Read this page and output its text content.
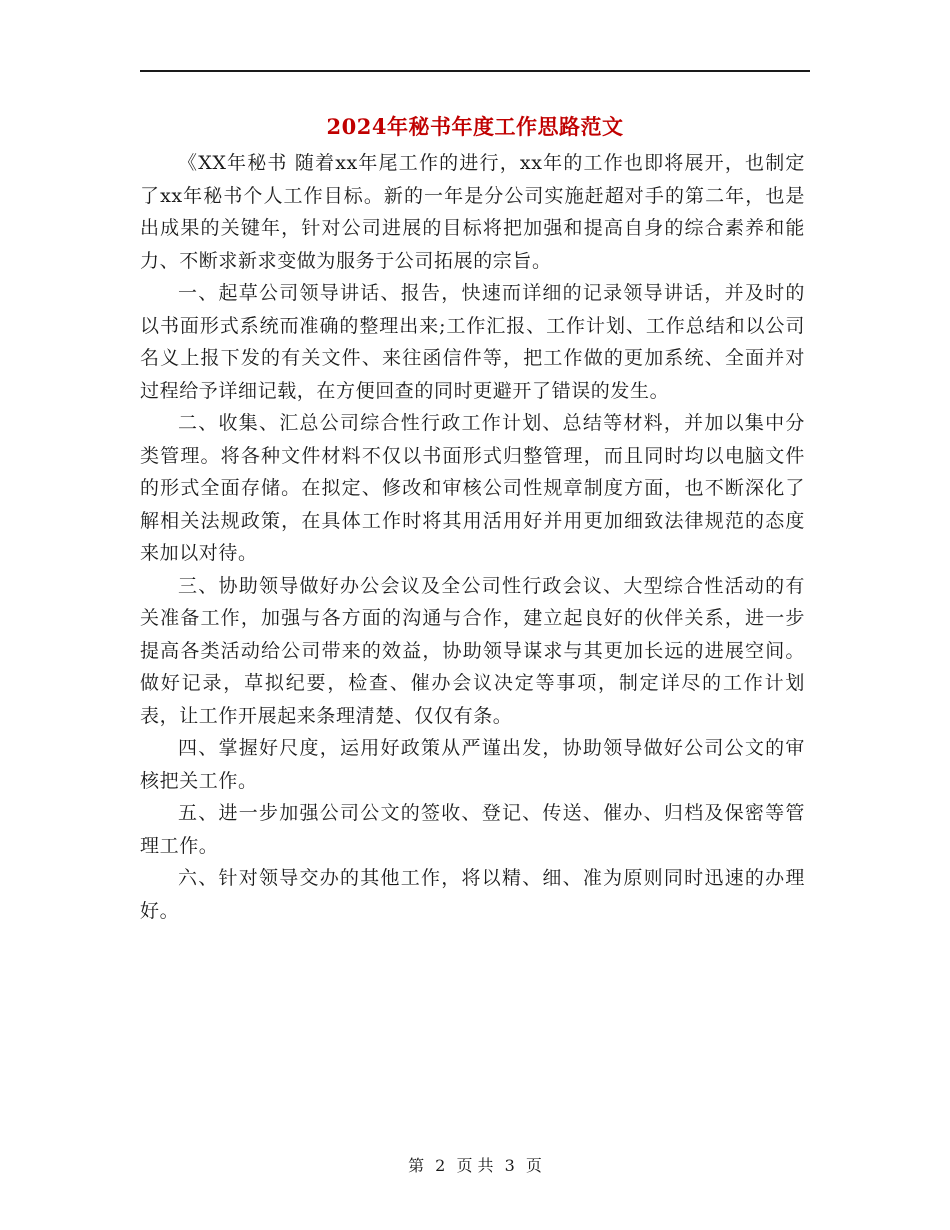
2024年秘书年度工作思路范文

《XX年秘书 随着xx年尾工作的进行，xx年的工作也即将展开，也制定了xx年秘书个人工作目标。新的一年是分公司实施赶超对手的第二年，也是出成果的关键年，针对公司进展的目标将把加强和提高自身的综合素养和能力、不断求新求变做为服务于公司拓展的宗旨。

一、起草公司领导讲话、报告，快速而详细的记录领导讲话，并及时的以书面形式系统而准确的整理出来;工作汇报、工作计划、工作总结和以公司名义上报下发的有关文件、来往函信件等，把工作做的更加系统、全面并对过程给予详细记载，在方便回查的同时更避开了错误的发生。

二、收集、汇总公司综合性行政工作计划、总结等材料，并加以集中分类管理。将各种文件材料不仅以书面形式归整管理，而且同时均以电脑文件的形式全面存储。在拟定、修改和审核公司性规章制度方面，也不断深化了解相关法规政策，在具体工作时将其用活用好并用更加细致法律规范的态度来加以对待。

三、协助领导做好办公会议及全公司性行政会议、大型综合性活动的有关准备工作，加强与各方面的沟通与合作，建立起良好的伙伴关系，进一步提高各类活动给公司带来的效益，协助领导谋求与其更加长远的进展空间。做好记录，草拟纪要，检查、催办会议决定等事项，制定详尽的工作计划表，让工作开展起来条理清楚、仅仅有条。

四、掌握好尺度，运用好政策从严谨出发，协助领导做好公司公文的审核把关工作。

五、进一步加强公司公文的签收、登记、传送、催办、归档及保密等管理工作。

六、针对领导交办的其他工作，将以精、细、准为原则同时迅速的办理好。

第 2 页 共 3 页
